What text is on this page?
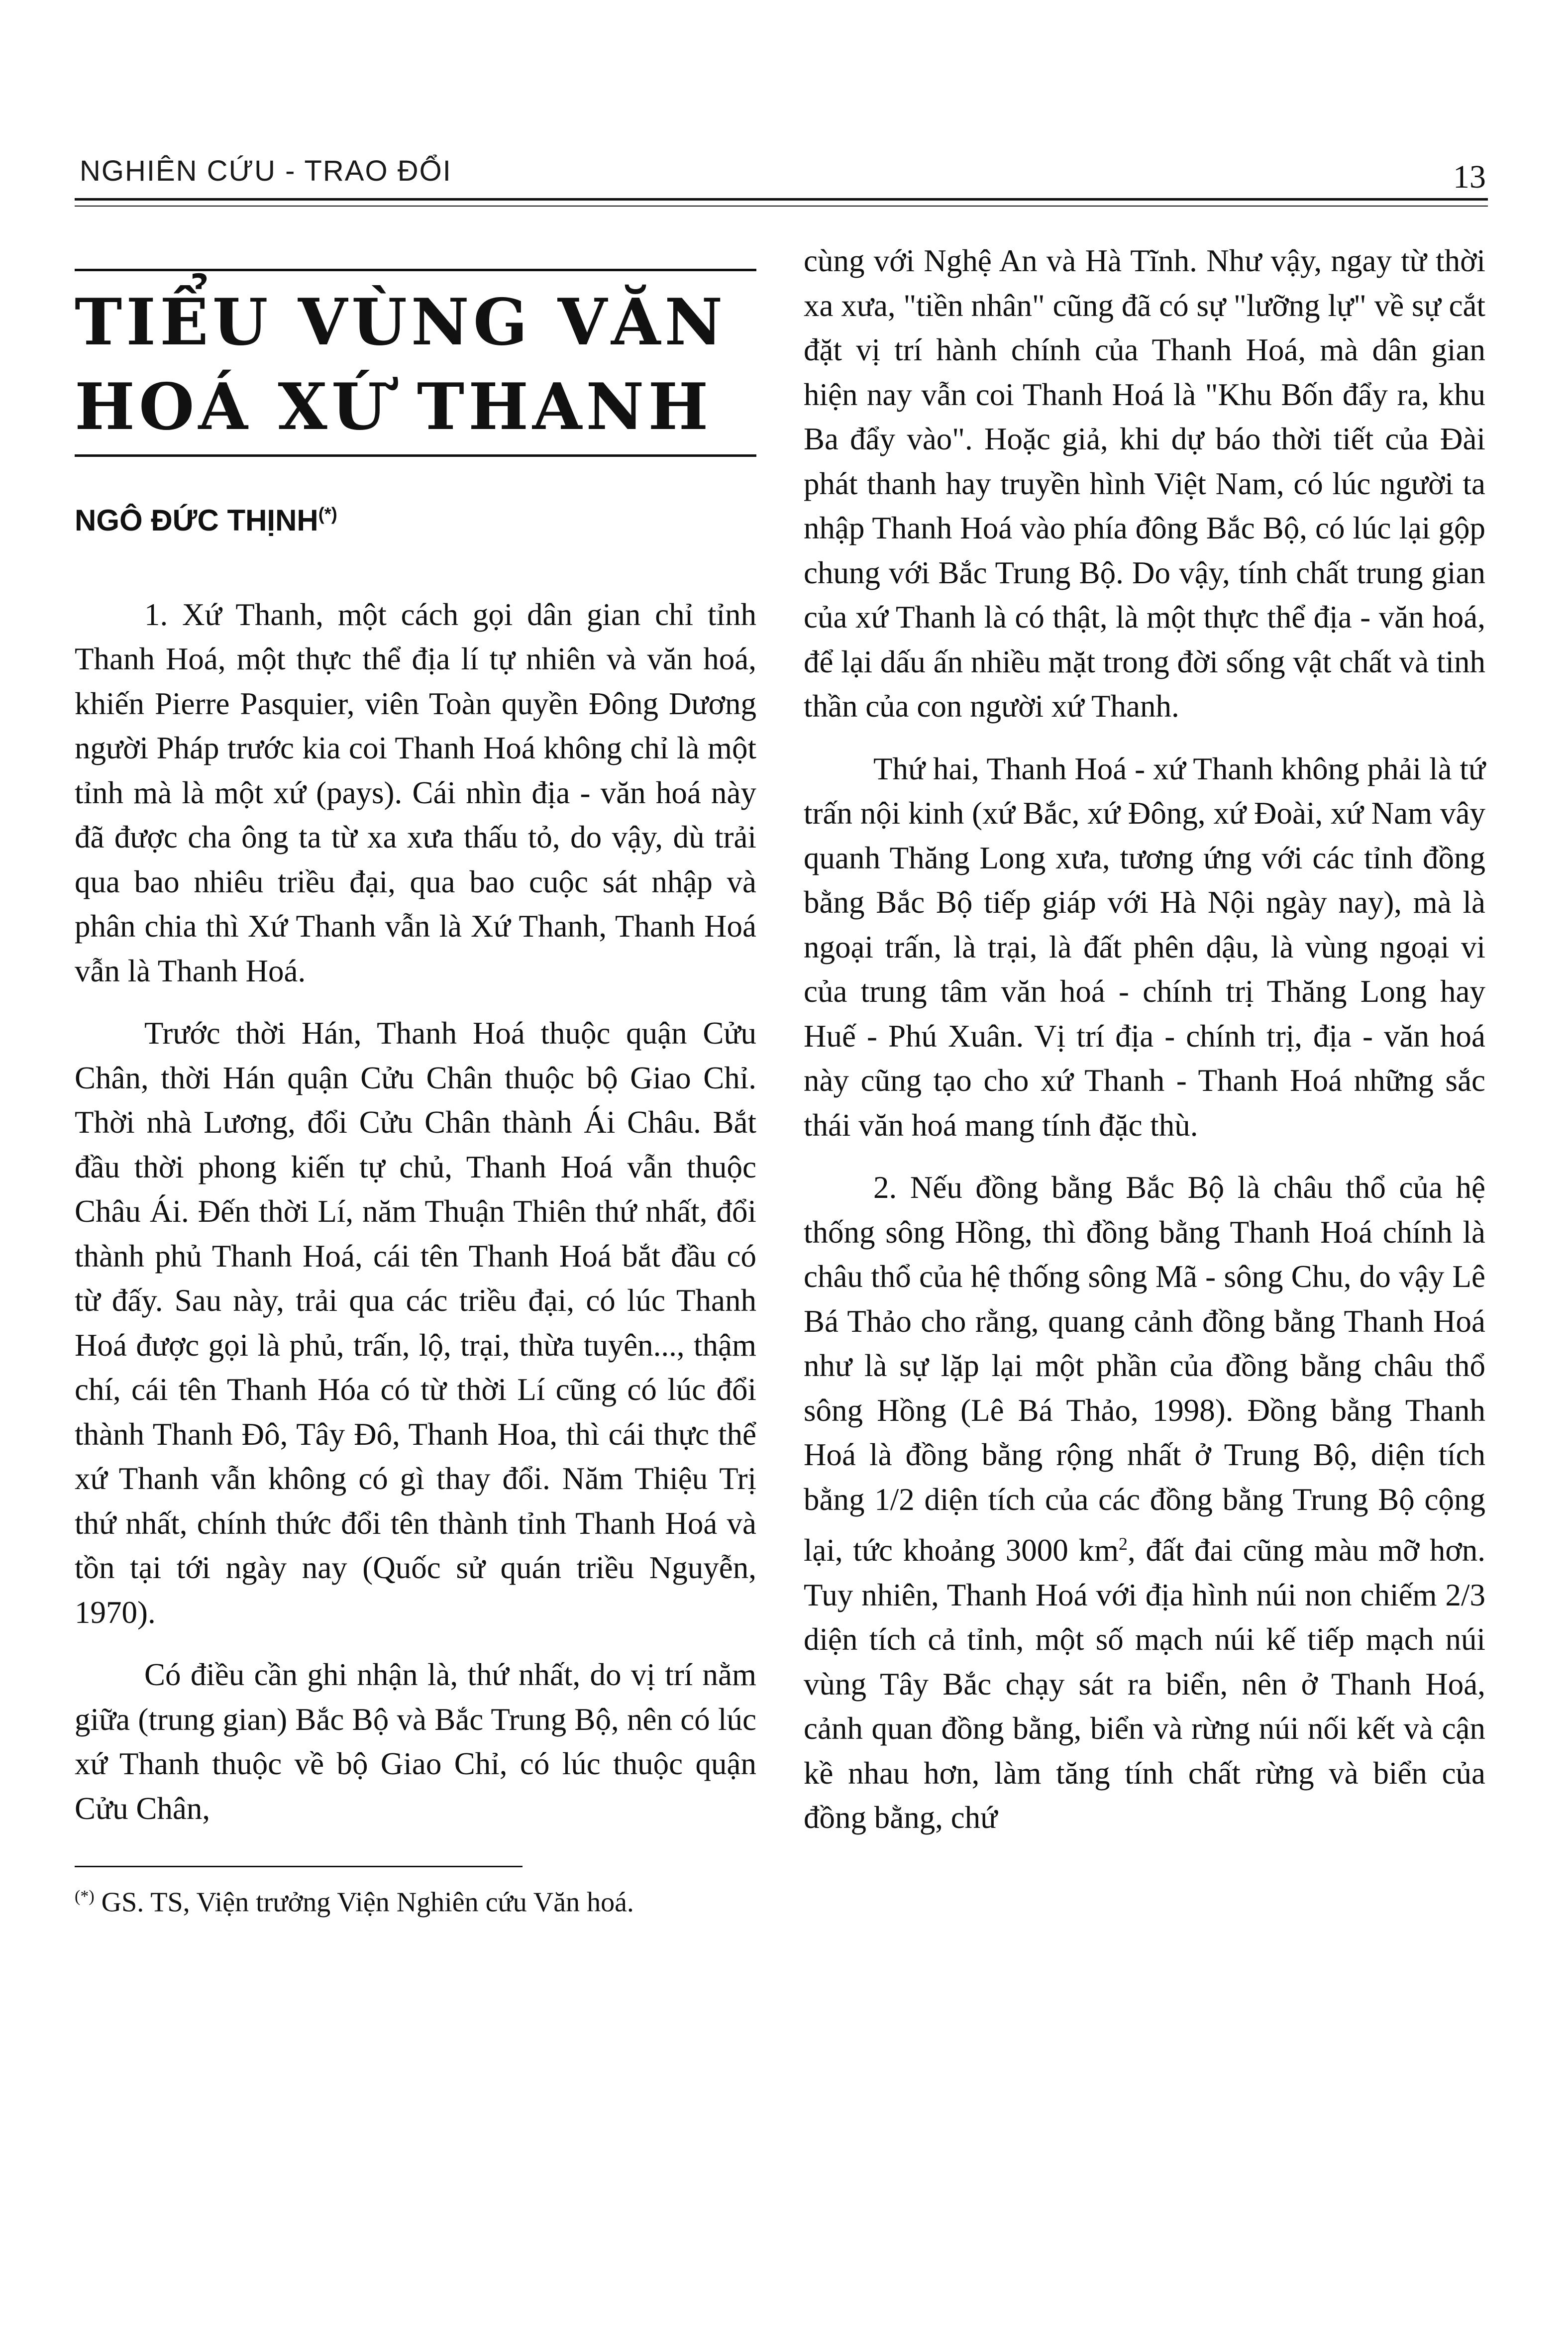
NGHIÊN CỨU - TRAO ĐỔI	13
TIỂU VÙNG VĂN HOÁ XỨ THANH
NGÔ ĐỨC THỊNH(*)

1. Xứ Thanh, một cách gọi dân gian chỉ tỉnh Thanh Hoá, một thực thể địa lí tự nhiên và văn hoá, khiến Pierre Pasquier, viên Toàn quyền Đông Dương người Pháp trước kia coi Thanh Hoá không chỉ là một tỉnh mà là một xứ (pays). Cái nhìn địa - văn hoá này đã được cha ông ta từ xa xưa thấu tỏ, do vậy, dù trải qua bao nhiêu triều đại, qua bao cuộc sát nhập và phân chia thì Xứ Thanh vẫn là Xứ Thanh, Thanh Hoá vẫn là Thanh Hoá.

Trước thời Hán, Thanh Hoá thuộc quận Cửu Chân, thời Hán quận Cửu Chân thuộc bộ Giao Chỉ. Thời nhà Lương, đổi Cửu Chân thành Ái Châu. Bắt đầu thời phong kiến tự chủ, Thanh Hoá vẫn thuộc Châu Ái. Đến thời Lí, năm Thuận Thiên thứ nhất, đổi thành phủ Thanh Hoá, cái tên Thanh Hoá bắt đầu có từ đấy. Sau này, trải qua các triều đại, có lúc Thanh Hoá được gọi là phủ, trấn, lộ, trại, thừa tuyên..., thậm chí, cái tên Thanh Hóa có từ thời Lí cũng có lúc đổi thành Thanh Đô, Tây Đô, Thanh Hoa, thì cái thực thể xứ Thanh vẫn không có gì thay đổi. Năm Thiệu Trị thứ nhất, chính thức đổi tên thành tỉnh Thanh Hoá và tồn tại tới ngày nay (Quốc sử quán triều Nguyễn, 1970).

Có điều cần ghi nhận là, thứ nhất, do vị trí nằm giữa (trung gian) Bắc Bộ và Bắc Trung Bộ, nên có lúc xứ Thanh thuộc về bộ Giao Chỉ, có lúc thuộc quận Cửu Chân,

(*) GS. TS, Viện trưởng Viện Nghiên cứu Văn hoá.

cùng với Nghệ An và Hà Tĩnh. Như vậy, ngay từ thời xa xưa, "tiền nhân" cũng đã có sự "lưỡng lự" về sự cắt đặt vị trí hành chính của Thanh Hoá, mà dân gian hiện nay vẫn coi Thanh Hoá là "Khu Bốn đẩy ra, khu Ba đẩy vào". Hoặc giả, khi dự báo thời tiết của Đài phát thanh hay truyền hình Việt Nam, có lúc người ta nhập Thanh Hoá vào phía đông Bắc Bộ, có lúc lại gộp chung với Bắc Trung Bộ. Do vậy, tính chất trung gian của xứ Thanh là có thật, là một thực thể địa - văn hoá, để lại dấu ấn nhiều mặt trong đời sống vật chất và tinh thần của con người xứ Thanh.

Thứ hai, Thanh Hoá - xứ Thanh không phải là tứ trấn nội kinh (xứ Bắc, xứ Đông, xứ Đoài, xứ Nam vây quanh Thăng Long xưa, tương ứng với các tỉnh đồng bằng Bắc Bộ tiếp giáp với Hà Nội ngày nay), mà là ngoại trấn, là trại, là đất phên dậu, là vùng ngoại vi của trung tâm văn hoá - chính trị Thăng Long hay Huế - Phú Xuân. Vị trí địa - chính trị, địa - văn hoá này cũng tạo cho xứ Thanh - Thanh Hoá những sắc thái văn hoá mang tính đặc thù.

2. Nếu đồng bằng Bắc Bộ là châu thổ của hệ thống sông Hồng, thì đồng bằng Thanh Hoá chính là châu thổ của hệ thống sông Mã - sông Chu, do vậy Lê Bá Thảo cho rằng, quang cảnh đồng bằng Thanh Hoá như là sự lặp lại một phần của đồng bằng châu thổ sông Hồng (Lê Bá Thảo, 1998). Đồng bằng Thanh Hoá là đồng bằng rộng nhất ở Trung Bộ, diện tích bằng 1/2 diện tích của các đồng bằng Trung Bộ cộng lại, tức khoảng 3000 $km^2$, đất đai cũng màu mỡ hơn. Tuy nhiên, Thanh Hoá với địa hình núi non chiếm 2/3 diện tích cả tỉnh, một số mạch núi kế tiếp mạch núi vùng Tây Bắc chạy sát ra biển, nên ở Thanh Hoá, cảnh quan đồng bằng, biển và rừng núi nối kết và cận kề nhau hơn, làm tăng tính chất rừng và biển của đồng bằng, chứ
